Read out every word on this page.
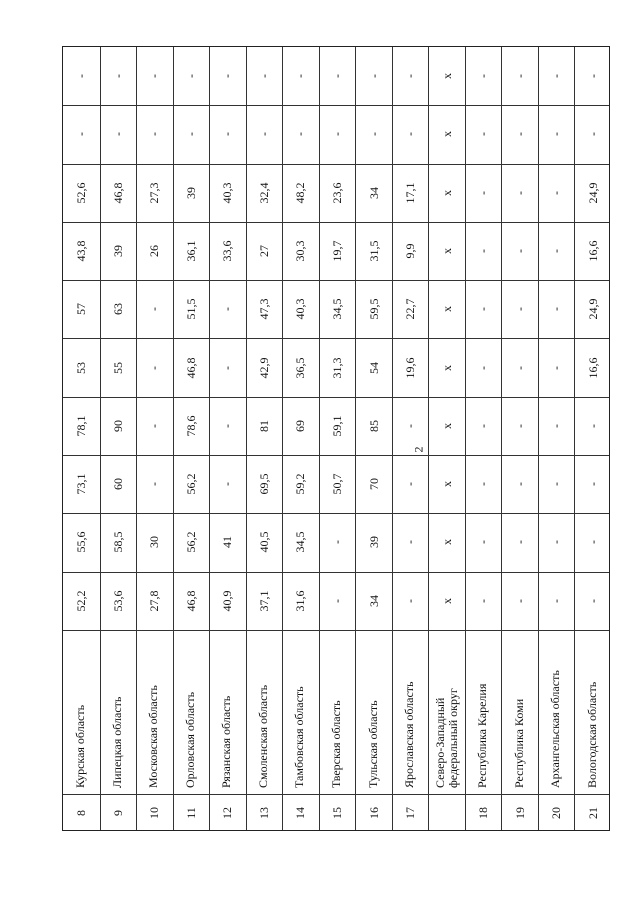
2
8
Курская область
52,2
55,6
73,1
78,1
53
57
43,8
52,6
-
-
9
Липецкая область
53,6
58,5
60
90
55
63
39
46,8
-
-
10
Московская область
27,8
30
-
-
-
-
26
27,3
-
-
11
Орловская область
46,8
56,2
56,2
78,6
46,8
51,5
36,1
39
-
-
12
Рязанская область
40,9
41
-
-
-
-
33,6
40,3
-
-
13
Смоленская область
37,1
40,5
69,5
81
42,9
47,3
27
32,4
-
-
14
Тамбовская область
31,6
34,5
59,2
69
36,5
40,3
30,3
48,2
-
-
15
Тверская область
-
-
50,7
59,1
31,3
34,5
19,7
23,6
-
-
16
Тульская область
34
39
70
85
54
59,5
31,5
34
-
-
17
Ярославская область
-
-
-
-
19,6
22,7
9,9
17,1
-
-
Северо-Западный федеральный округ
x
x
x
x
x
x
x
x
x
x
18
Республика Карелия
-
-
-
-
-
-
-
-
-
-
19
Республика Коми
-
-
-
-
-
-
-
-
-
-
20
Архангельская область
-
-
-
-
-
-
-
-
-
-
21
Вологодская область
-
-
-
-
16,6
24,9
16,6
24,9
-
-
